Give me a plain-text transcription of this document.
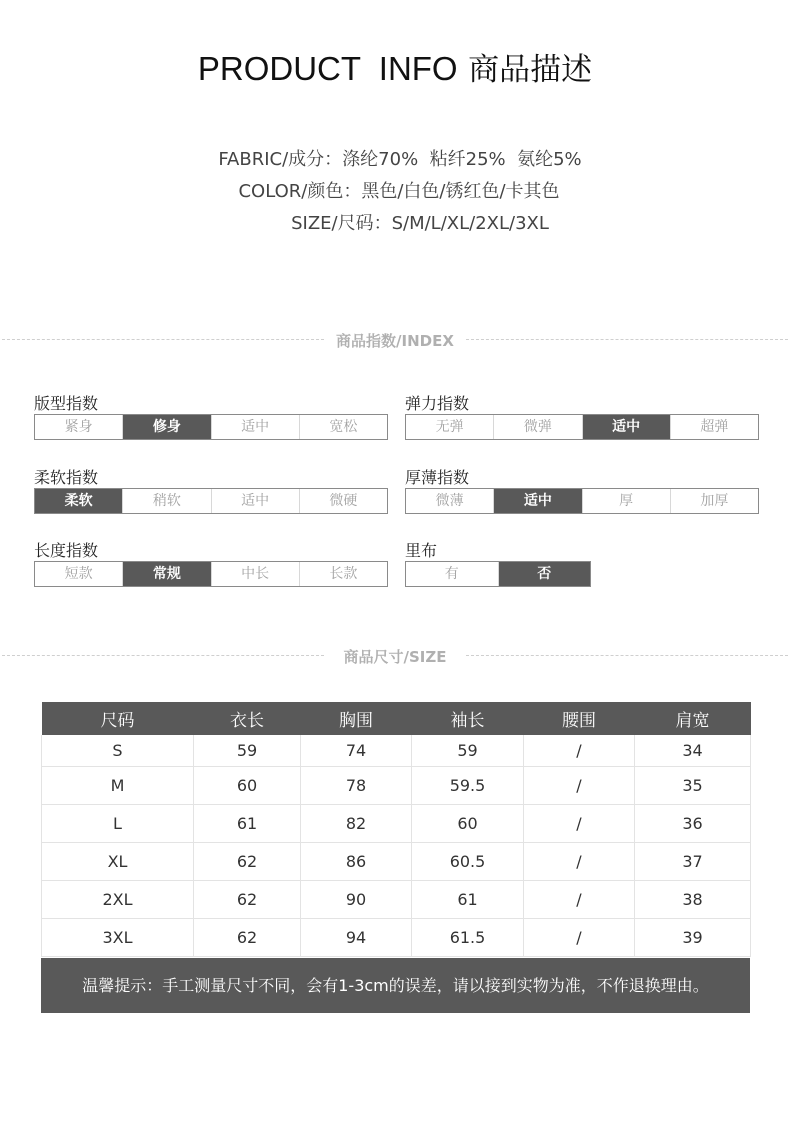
PRODUCT  INFO 商品描述
FABRIC/成分：涤纶70%  粘纤25%  氨纶5%
COLOR/颜色：黑色/白色/锈红色/卡其色
SIZE/尺码：S/M/L/XL/2XL/3XL
商品指数/INDEX
版型指数
紧身	修身	适中	宽松
弹力指数
无弹	微弹	适中	超弹
柔软指数
柔软	稍软	适中	微硬
厚薄指数
微薄	适中	厚	加厚
长度指数
短款	常规	中长	长款
里布
有	否
商品尺寸/SIZE
尺码	衣长	胸围	袖长	腰围	肩宽
S	59	74	59	/	34
M	60	78	59.5	/	35
L	61	82	60	/	36
XL	62	86	60.5	/	37
2XL	62	90	61	/	38
3XL	62	94	61.5	/	39
温馨提示：手工测量尺寸不同，会有1-3cm的误差，请以接到实物为准，不作退换理由。
